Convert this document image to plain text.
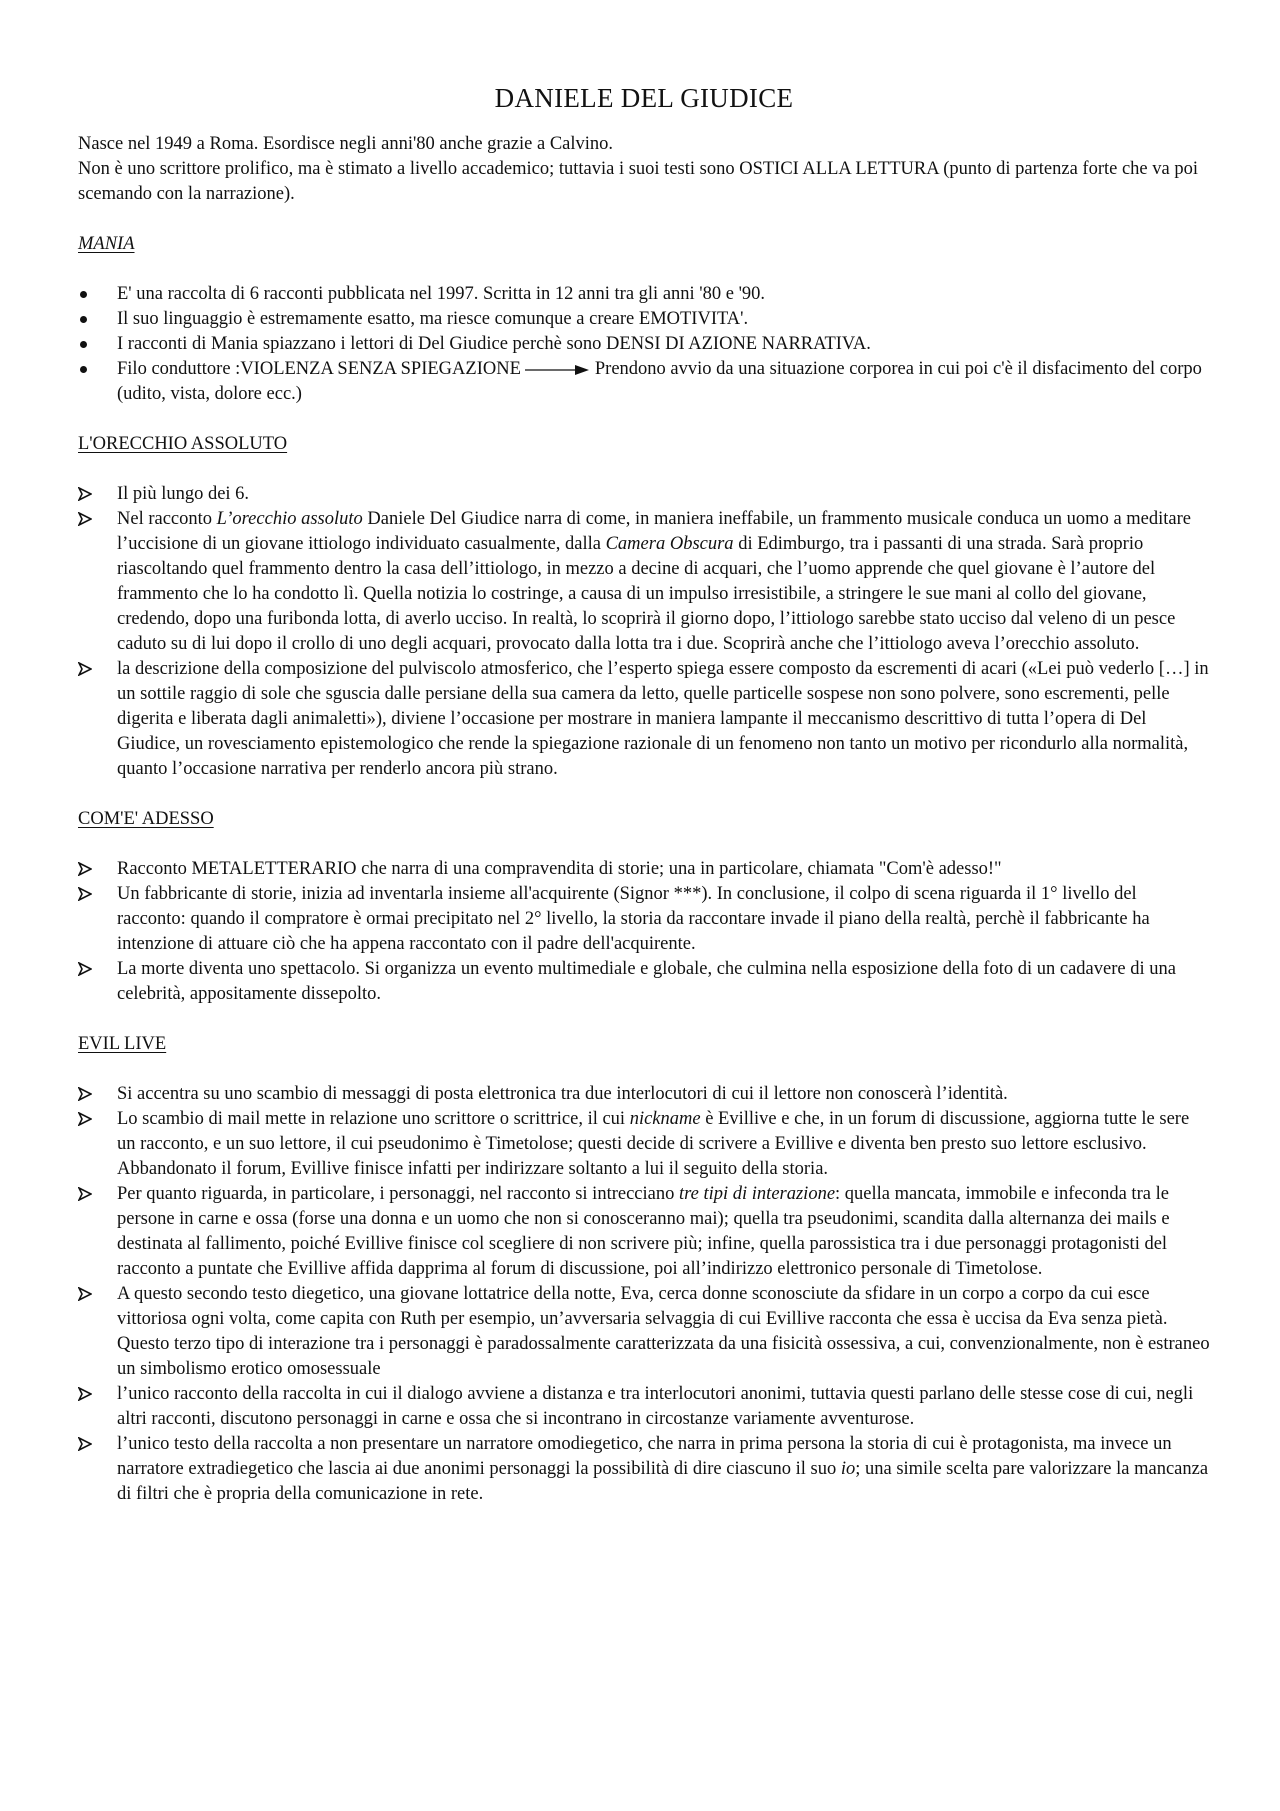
DANIELE DEL GIUDICE

Nasce nel 1949 a Roma. Esordisce negli anni'80 anche grazie a Calvino.

Non è uno scrittore prolifico, ma è stimato a livello accademico; tuttavia i suoi testi sono OSTICI ALLA LETTURA (punto di partenza forte che va poi scemando con la narrazione).

MANIA
E' una raccolta di 6 racconti pubblicata nel 1997. Scritta in 12 anni tra gli anni '80 e '90.
Il suo linguaggio è estremamente esatto, ma riesce comunque a creare EMOTIVITA'.
I racconti di Mania spiazzano i lettori di Del Giudice perchè sono DENSI DI AZIONE NARRATIVA.
Filo conduttore :VIOLENZA SENZA SPIEGAZIONE	Prendono avvio da una situazione corporea in cui poi c'è il disfacimento del corpo (udito, vista, dolore ecc.)
L'ORECCHIO ASSOLUTO
Il più lungo dei 6.
Nel racconto L’orecchio assoluto Daniele Del Giudice narra di come, in maniera ineffabile, un frammento musicale conduca un uomo a meditare l’uccisione di un giovane ittiologo individuato casualmente, dalla Camera Obscura di Edimburgo, tra i passanti di una strada. Sarà proprio riascoltando quel frammento dentro la casa dell’ittiologo, in mezzo a decine di acquari, che l’uomo apprende che quel giovane è l’autore del frammento che lo ha condotto lì. Quella notizia lo costringe, a causa di un impulso irresistibile, a stringere le sue mani al collo del giovane, credendo, dopo una furibonda lotta, di averlo ucciso. In realtà, lo scoprirà il giorno dopo, l’ittiologo sarebbe stato ucciso dal veleno di un pesce caduto su di lui dopo il crollo di uno degli acquari, provocato dalla lotta tra i due. Scoprirà anche che l’ittiologo aveva l’orecchio assoluto.
la descrizione della composizione del pulviscolo atmosferico, che l’esperto spiega essere composto da escrementi di acari («Lei può vederlo […] in un sottile raggio di sole che sguscia dalle persiane della sua camera da letto, quelle particelle sospese non sono polvere, sono escrementi, pelle digerita e liberata dagli animaletti»), diviene l’occasione per mostrare in maniera lampante il meccanismo descrittivo di tutta l’opera di Del Giudice, un rovesciamento epistemologico che rende la spiegazione razionale di un fenomeno non tanto un motivo per ricondurlo alla normalità, quanto l’occasione narrativa per renderlo ancora più strano.
COM'E' ADESSO
Racconto METALETTERARIO che narra di una compravendita di storie; una in particolare, chiamata "Com'è adesso!"
Un fabbricante di storie, inizia ad inventarla insieme all'acquirente (Signor ***). In conclusione, il colpo di scena riguarda il 1° livello del racconto: quando il compratore è ormai precipitato nel 2° livello, la storia da raccontare invade il piano della realtà, perchè il fabbricante ha intenzione di attuare ciò che ha appena raccontato con il padre dell'acquirente.
La morte diventa uno spettacolo. Si organizza un evento multimediale e globale, che culmina nella esposizione della foto di un cadavere di una celebrità, appositamente dissepolto.
EVIL LIVE
Si accentra su uno scambio di messaggi di posta elettronica tra due interlocutori di cui il lettore non conoscerà l’identità.
Lo scambio di mail mette in relazione uno scrittore o scrittrice, il cui nickname è Evillive e che, in un forum di discussione, aggiorna tutte le sere un racconto, e un suo lettore, il cui pseudonimo è Timetolose; questi decide di scrivere a Evillive e diventa ben presto suo lettore esclusivo. Abbandonato il forum, Evillive finisce infatti per indirizzare soltanto a lui il seguito della storia.
Per quanto riguarda, in particolare, i personaggi, nel racconto si intrecciano tre tipi di interazione: quella mancata, immobile e infeconda tra le persone in carne e ossa (forse una donna e un uomo che non si conosceranno mai); quella tra pseudonimi, scandita dalla alternanza dei mails e destinata al fallimento, poiché Evillive finisce col scegliere di non scrivere più; infine, quella parossistica tra i due personaggi protagonisti del racconto a puntate che Evillive affida dapprima al forum di discussione, poi all’indirizzo elettronico personale di Timetolose.
A questo secondo testo diegetico, una giovane lottatrice della notte, Eva, cerca donne sconosciute da sfidare in un corpo a corpo da cui esce vittoriosa ogni volta, come capita con Ruth per esempio, un’avversaria selvaggia di cui Evillive racconta che essa è uccisa da Eva senza pietà. Questo terzo tipo di interazione tra i personaggi è paradossalmente caratterizzata da una fisicità ossessiva, a cui, convenzionalmente, non è estraneo un simbolismo erotico omosessuale
l’unico racconto della raccolta in cui il dialogo avviene a distanza e tra interlocutori anonimi, tuttavia questi parlano delle stesse cose di cui, negli altri racconti, discutono personaggi in carne e ossa che si incontrano in circostanze variamente avventurose.
l’unico testo della raccolta a non presentare un narratore omodiegetico, che narra in prima persona la storia di cui è protagonista, ma invece un narratore extradiegetico che lascia ai due anonimi personaggi la possibilità di dire ciascuno il suo io; una simile scelta pare valorizzare la mancanza di filtri che è propria della comunicazione in rete.
